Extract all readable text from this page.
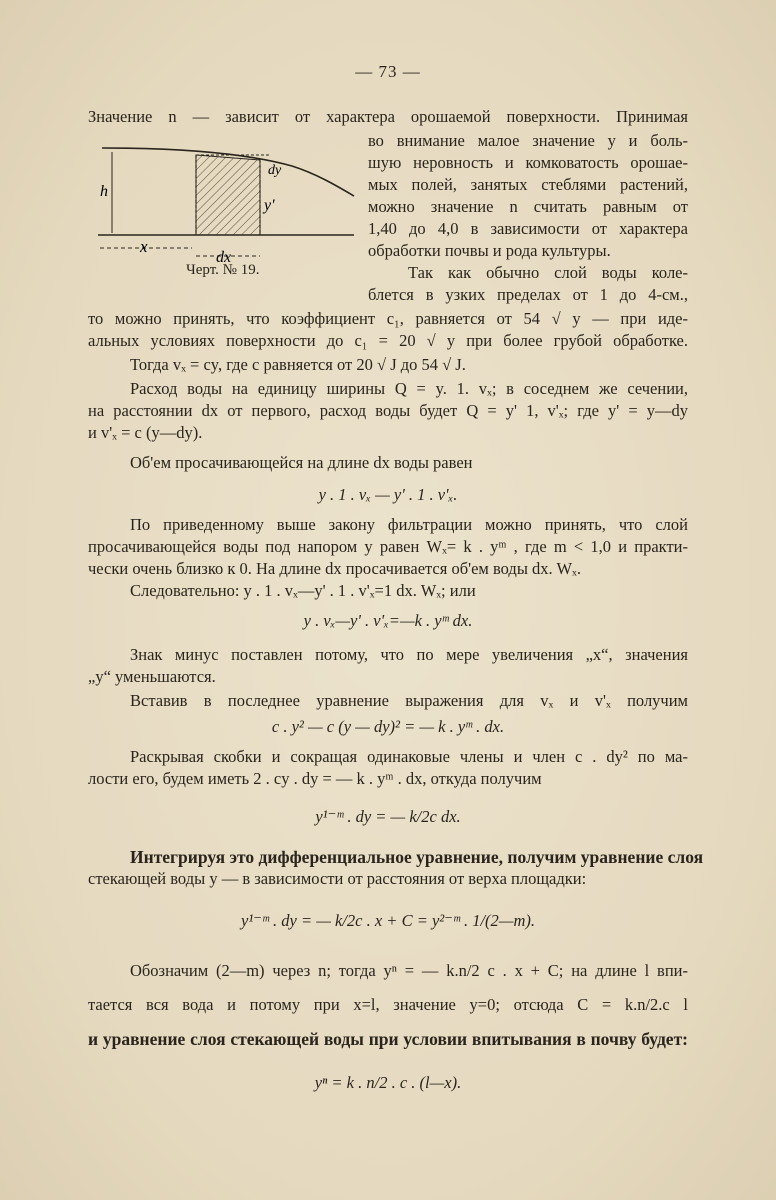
— 73 —
Значение n — зависит от характера орошаемой поверхности. Принимая
h
dy
y'
x
dx
Черт. № 19.
во внимание малое значение y и боль-
шую неровность и комковатость орошае-
мых полей, занятых стеблями растений,
можно значение n считать равным от
1,40 до 4,0 в зависимости от характера
обработки почвы и рода культуры.
Так как обычно слой воды коле-
блется в узких пределах от 1 до 4-см.,
то можно принять, что коэффициент c₁, равняется от 54 √ y — при иде-
альных условиях поверхности до c₁ = 20 √ y при более грубой обработке.
Тогда vₓ = cy, где c равняется от 20 √ J до 54 √ J.
Расход воды на единицу ширины Q = y. 1. vₓ; в соседнем же сечении,
на расстоянии dx от первого, расход воды будет Q = y' 1, v'ₓ; где y' = y—dy
и v'ₓ = c (y—dy).
Об'ем просачивающейся на длине dx воды равен
y . 1 . vₓ — y' . 1 . v'ₓ.
По приведенному выше закону фильтрации можно принять, что слой
просачивающейся воды под напором y равен Wₓ= k . yᵐ , где m < 1,0 и практи-
чески очень близко к 0. На длине dx просачивается об'ем воды dx. Wₓ.
Следовательно: y . 1 . vₓ—y' . 1 . v'ₓ=1 dx. Wₓ; или
y . vₓ—y' . v'ₓ=—k . yᵐ dx.
Знак минус поставлен потому, что по мере увеличения „x“, значения
„y“ уменьшаются.
Вставив в последнее уравнение выражения для vₓ и v'ₓ получим
c . y² — c (y — dy)² = — k . yᵐ . dx.
Раскрывая скобки и сокращая одинаковые члены и член c . dy² по ма-
лости его, будем иметь 2 . cy . dy = — k . yᵐ . dx, откуда получим
y¹⁻ᵐ . dy = — k/2c dx.
Интегрируя это дифференциальное уравнение, получим уравнение слоя
стекающей воды y — в зависимости от расстояния от верха площадки:
y¹⁻ᵐ . dy = — k/2c . x + C = y²⁻ᵐ . 1/(2—m).
Обозначим (2—m) через n; тогда yⁿ = — k.n/2 c . x + C; на длине l впи-
тается вся вода и потому при x=l, значение y=0; отсюда C = k.n/2.c l
и уравнение слоя стекающей воды при условии впитывания в почву будет:
yⁿ = k . n/2 . c . (l—x).
